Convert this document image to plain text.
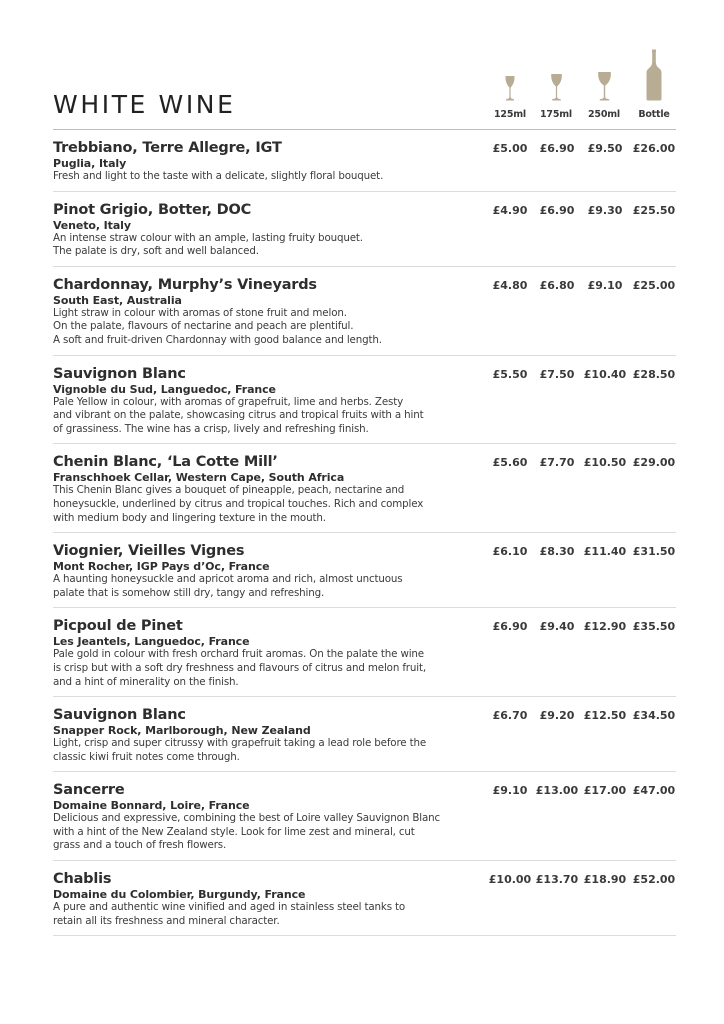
WHITE WINE	125ml	175ml	250ml	Bottle
Trebbiano, Terre Allegre, IGT
Puglia, Italy
Fresh and light to the taste with a delicate, slightly floral bouquet.
£5.00	£6.90	£9.50 £26.00
Pinot Grigio, Botter, DOC
Veneto, Italy
An intense straw colour with an ample, lasting fruity bouquet.
The palate is dry, soft and well balanced.
£4.90	£6.90	£9.30 £25.50
Chardonnay, Murphy’s Vineyards
South East, Australia
Light straw in colour with aromas of stone fruit and melon.
On the palate, flavours of nectarine and peach are plentiful.
A soft and fruit-driven Chardonnay with good balance and length.
£4.80	£6.80	£9.10 £25.00
Sauvignon Blanc
Vignoble du Sud, Languedoc, France
Pale Yellow in colour, with aromas of grapefruit, lime and herbs. Zesty
and vibrant on the palate, showcasing citrus and tropical fruits with a hint
of grassiness. The wine has a crisp, lively and refreshing finish.
£5.50	£7.50 £10.40 £28.50
Chenin Blanc, ‘La Cotte Mill’
Franschhoek Cellar, Western Cape, South Africa
This Chenin Blanc gives a bouquet of pineapple, peach, nectarine and
honeysuckle, underlined by citrus and tropical touches. Rich and complex
with medium body and lingering texture in the mouth.
£5.60	£7.70 £10.50 £29.00
Viognier, Vieilles Vignes
Mont Rocher, IGP Pays d’Oc, France
A haunting honeysuckle and apricot aroma and rich, almost unctuous
palate that is somehow still dry, tangy and refreshing.
£6.10	£8.30 £11.40 £31.50
Picpoul de Pinet
Les Jeantels, Languedoc, France
Pale gold in colour with fresh orchard fruit aromas. On the palate the wine
is crisp but with a soft dry freshness and flavours of citrus and melon fruit,
and a hint of minerality on the finish.
£6.90	£9.40 £12.90 £35.50
Sauvignon Blanc
Snapper Rock, Marlborough, New Zealand
Light, crisp and super citrussy with grapefruit taking a lead role before the
classic kiwi fruit notes come through.
£6.70	£9.20 £12.50 £34.50
Sancerre
Domaine Bonnard, Loire, France
Delicious and expressive, combining the best of Loire valley Sauvignon Blanc
with a hint of the New Zealand style. Look for lime zest and mineral, cut
grass and a touch of fresh flowers.
£9.10 £13.00 £17.00 £47.00
Chablis
Domaine du Colombier, Burgundy, France
A pure and authentic wine vinified and aged in stainless steel tanks to
retain all its freshness and mineral character.
£10.00 £13.70 £18.90 £52.00
